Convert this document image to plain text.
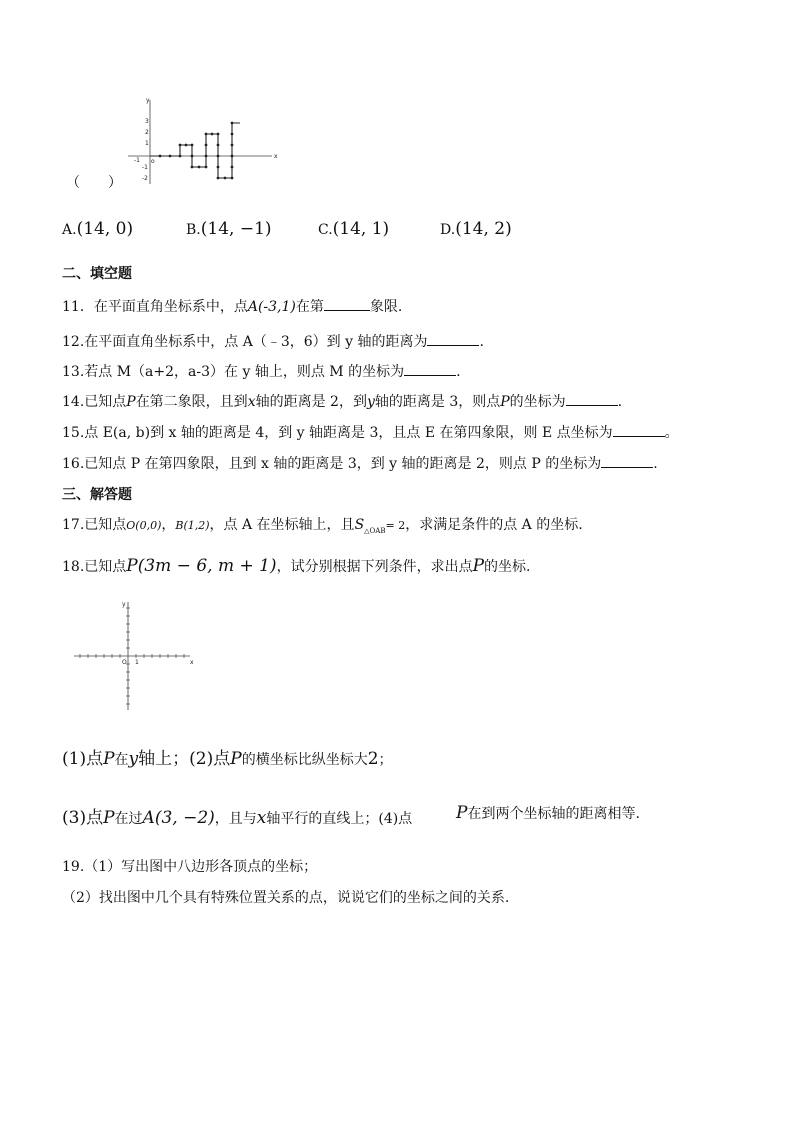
x
y
3
2
1
-1
-2
o
-1
（　　）
A.(14, 0)	B.(14, −1)	C.(14, 1)	D.(14, 2)
二、填空题
11．在平面直角坐标系中，点A(-3,1)在第	象限.
12.在平面直角坐标系中，点 A（﹣3，6）到 y 轴的距离为	.
13.若点 M（a+2，a-3）在 y 轴上，则点 M 的坐标为	.
14.已知点P在第二象限，且到x轴的距离是 2，到y轴的距离是 3，则点P的坐标为	.
15.点 E(a, b)到 x 轴的距离是 4，到 y 轴距离是 3，且点 E 在第四象限，则 E 点坐标为	。
16.已知点 P 在第四象限，且到 x 轴的距离是 3，到 y 轴的距离是 2，则点 P 的坐标为	.
三、解答题
17.已知点O(0,0)，B(1,2)，点 A 在坐标轴上，且$S_{\triangle OAB}= 2$，求满足条件的点 A 的坐标.
18.已知点P(3m − 6, m + 1)，试分别根据下列条件，求出点P的坐标.
y
x
O 1
(1)点P在y轴上；(2)点P的横坐标比纵坐标大2；
(3)点P在过A(3, −2)，且与x轴平行的直线上；(4)点	P在到两个坐标轴的距离相等.
19.（1）写出图中八边形各顶点的坐标；
（2）找出图中几个具有特殊位置关系的点，说说它们的坐标之间的关系.
